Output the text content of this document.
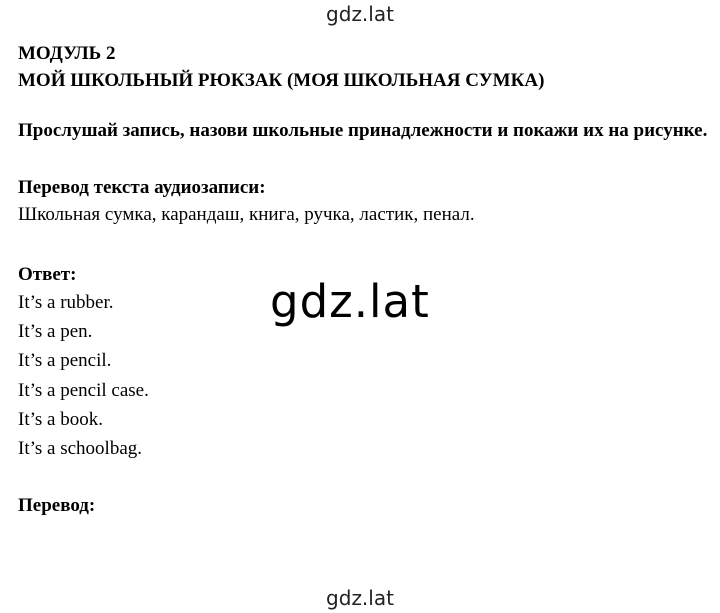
gdz.lat

МОДУЛЬ 2

МОЙ ШКОЛЬНЫЙ РЮКЗАК (МОЯ ШКОЛЬНАЯ СУМКА)

Прослушай запись, назови школьные принадлежности и покажи их на рисунке.

Перевод текста аудиозаписи:

Школьная сумка, карандаш, книга, ручка, ластик, пенал.

Ответ:

It’s a rubber.
It’s a pen.
It’s a pencil.
It’s a pencil case.
It’s a book.
It’s a schoolbag.

Перевод:

gdz.lat
gdz.lat
